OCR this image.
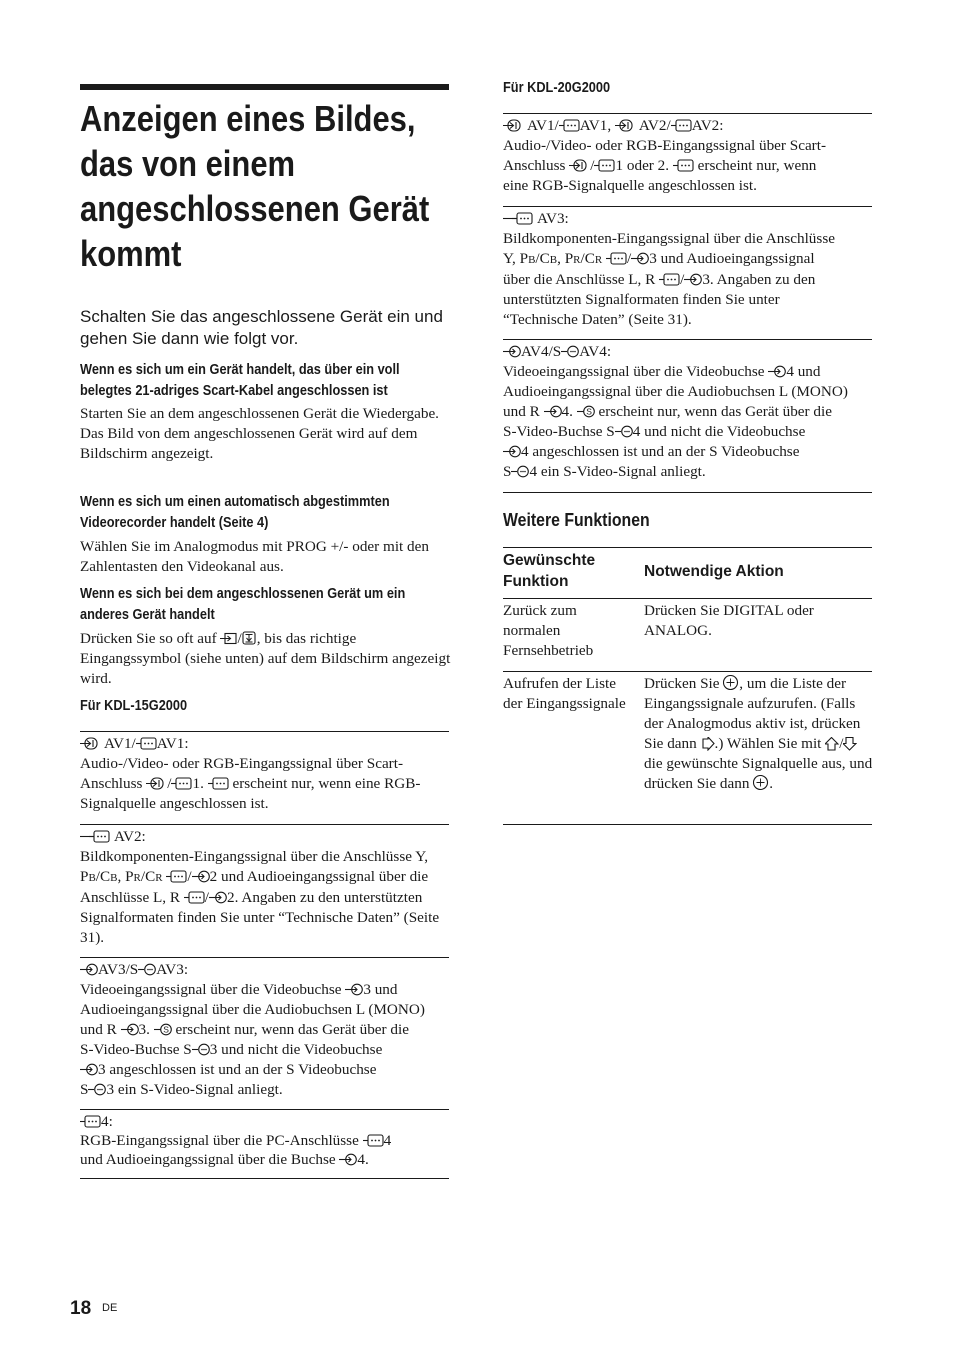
Anzeigen eines Bildes, das von einem angeschlossenen Gerät kommt

Schalten Sie das angeschlossene Gerät ein und gehen Sie dann wie folgt vor.

Wenn es sich um ein Gerät handelt, das über ein voll belegtes 21-adriges Scart-Kabel angeschlossen ist
Starten Sie an dem angeschlossenen Gerät die Wiedergabe.
Das Bild von dem angeschlossenen Gerät wird auf dem Bildschirm angezeigt.
Wenn es sich um einen automatisch abgestimmten Videorecorder handelt (Seite 4)
Wählen Sie im Analogmodus mit PROG +/- oder mit den Zahlentasten den Videokanal aus.
Wenn es sich bei dem angeschlossenen Gerät um ein anderes Gerät handelt
Drücken Sie so oft auf / , bis das richtige Eingangssymbol (siehe unten) auf dem Bildschirm angezeigt wird.
Für KDL-15G2000
AV1/ AV1:
Audio-/Video- oder RGB-Eingangssignal über Scart-Anschluss / 1. erscheint nur, wenn eine RGB-Signalquelle angeschlossen ist.
AV2:
Bildkomponenten-Eingangssignal über die Anschlüsse Y, PB/CB, PR/CR / 2 und Audioeingangssignal über die Anschlüsse L, R / 2. Angaben zu den unterstützten Signalformaten finden Sie unter “Technische Daten” (Seite 31).
AV3/S AV3:
Videoeingangssignal über die Videobuchse 3 und
Audioeingangssignal über die Audiobuchsen L (MONO)
und R 3. erscheint nur, wenn das Gerät über die
S-Video-Buchse S 3 und nicht die Videobuchse
3 angeschlossen ist und an der S Videobuchse
S 3 ein S-Video-Signal anliegt.
4:
RGB-Eingangssignal über die PC-Anschlüsse 4
und Audioeingangssignal über die Buchse 4.
Für KDL-20G2000
AV1/ AV1, AV2/ AV2:
Audio-/Video- oder RGB-Eingangssignal über Scart-
Anschluss / 1 oder 2. erscheint nur, wenn
eine RGB-Signalquelle angeschlossen ist.
AV3:
Bildkomponenten-Eingangssignal über die Anschlüsse
Y, PB/CB, PR/CR / 3 und Audioeingangssignal
über die Anschlüsse L, R / 3. Angaben zu den
unterstützten Signalformaten finden Sie unter
“Technische Daten” (Seite 31).
AV4/S AV4:
Videoeingangssignal über die Videobuchse 4 und
Audioeingangssignal über die Audiobuchsen L (MONO)
und R 4. erscheint nur, wenn das Gerät über die
S-Video-Buchse S 4 und nicht die Videobuchse
4 angeschlossen ist und an der S Videobuchse
S 4 ein S-Video-Signal anliegt.
Weitere Funktionen
Gewünschte Funktion
Notwendige Aktion
Zurück zum normalen Fernsehbetrieb
Drücken Sie DIGITAL oder ANALOG.
Aufrufen der Liste der Eingangssignale
Drücken Sie , um die Liste der Eingangssignale aufzurufen. (Falls der Analogmodus aktiv ist, drücken Sie dann .) Wählen Sie mit / die gewünschte Signalquelle aus, und drücken Sie dann .
18 DE
